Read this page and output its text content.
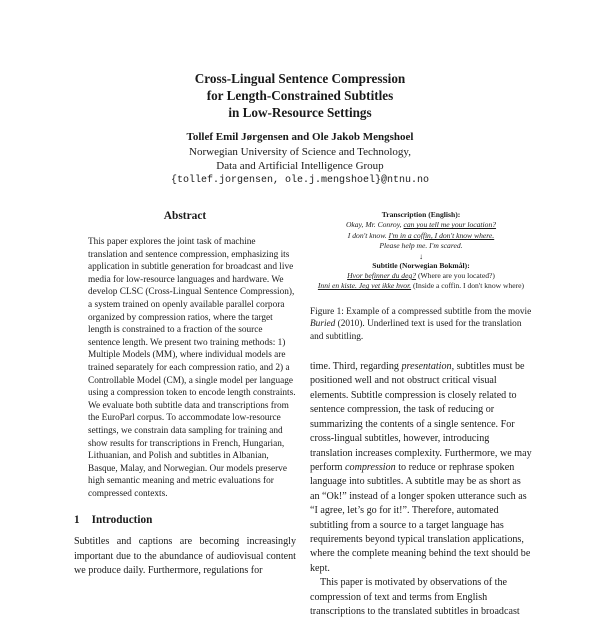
Cross-Lingual Sentence Compression
for Length-Constrained Subtitles
in Low-Resource Settings
Tollef Emil Jørgensen and Ole Jakob Mengshoel
Norwegian University of Science and Technology,
Data and Artificial Intelligence Group
{tollef.jorgensen, ole.j.mengshoel}@ntnu.no
Abstract
This paper explores the joint task of machine translation and sentence compression, emphasizing its application in subtitle generation for broadcast and live media for low-resource languages and hardware. We develop CLSC (Cross-Lingual Sentence Compression), a system trained on openly available parallel corpora organized by compression ratios, where the target length is constrained to a fraction of the source sentence length. We present two training methods: 1) Multiple Models (MM), where individual models are trained separately for each compression ratio, and 2) a Controllable Model (CM), a single model per language using a compression token to encode length constraints. We evaluate both subtitle data and transcriptions from the EuroParl corpus. To accommodate low-resource settings, we constrain data sampling for training and show results for transcriptions in French, Hungarian, Lithuanian, and Polish and subtitles in Albanian, Basque, Malay, and Norwegian. Our models preserve high semantic meaning and metric evaluations for compressed contexts.
1 Introduction
Subtitles and captions are becoming increasingly important due to the abundance of audiovisual content we produce daily. Furthermore, regulations for
Transcription (English):
Okay, Mr. Conroy, can you tell me your location?
I don't know. I'm in a coffin, I don't know where.
Please help me. I'm scared.
↓
Subtitle (Norwegian Bokmål):
Hvor befinner du deg? (Where are you located?)
Inni en kiste. Jeg vet ikke hvor. (Inside a coffin. I don't know where)
Figure 1: Example of a compressed subtitle from the movie Buried (2010). Underlined text is used for the translation and subtitling.
time. Third, regarding presentation, subtitles must be positioned well and not obstruct critical visual elements. Subtitle compression is closely related to sentence compression, the task of reducing or summarizing the contents of a single sentence. For cross-lingual subtitles, however, introducing translation increases complexity. Furthermore, we may perform compression to reduce or rephrase spoken language into subtitles. A subtitle may be as short as an “Ok!” instead of a longer spoken utterance such as “I agree, let’s go for it!”. Therefore, automated subtitling from a source to a target language has requirements beyond typical translation applications, where the complete meaning behind the text should be kept.
This paper is motivated by observations of the compression of text and terms from English transcriptions to the translated subtitles in broadcast
